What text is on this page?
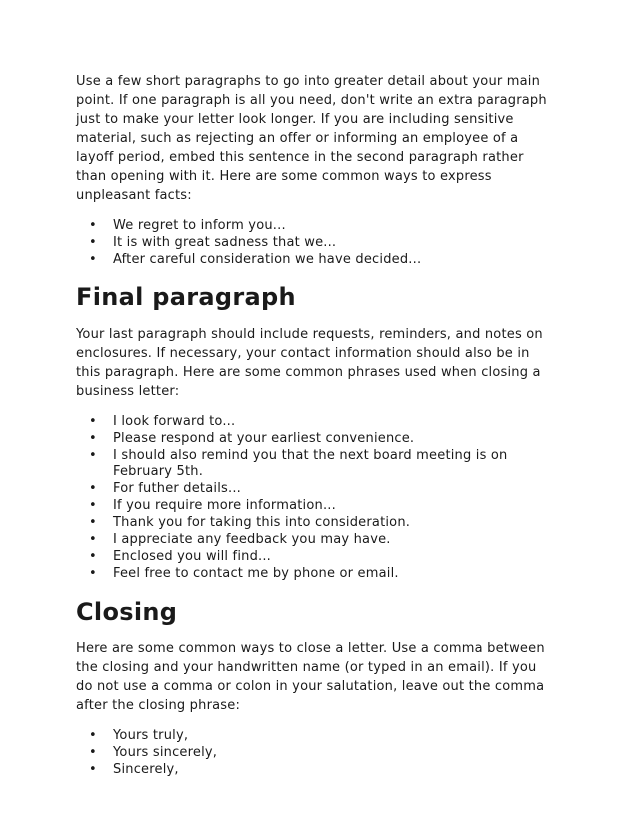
Use a few short paragraphs to go into greater detail about your main
point. If one paragraph is all you need, don't write an extra paragraph
just to make your letter look longer. If you are including sensitive
material, such as rejecting an offer or informing an employee of a
layoff period, embed this sentence in the second paragraph rather
than opening with it. Here are some common ways to express
unpleasant facts:

• We regret to inform you...
• It is with great sadness that we...
• After careful consideration we have decided...
Final paragraph

Your last paragraph should include requests, reminders, and notes on
enclosures. If necessary, your contact information should also be in
this paragraph. Here are some common phrases used when closing a
business letter:

• I look forward to...
• Please respond at your earliest convenience.
• I should also remind you that the next board meeting is on
February 5th.
• For futher details...
• If you require more information...
• Thank you for taking this into consideration.
• I appreciate any feedback you may have.
• Enclosed you will find...
• Feel free to contact me by phone or email.
Closing

Here are some common ways to close a letter. Use a comma between
the closing and your handwritten name (or typed in an email). If you
do not use a comma or colon in your salutation, leave out the comma
after the closing phrase:

• Yours truly,
• Yours sincerely,
• Sincerely,
